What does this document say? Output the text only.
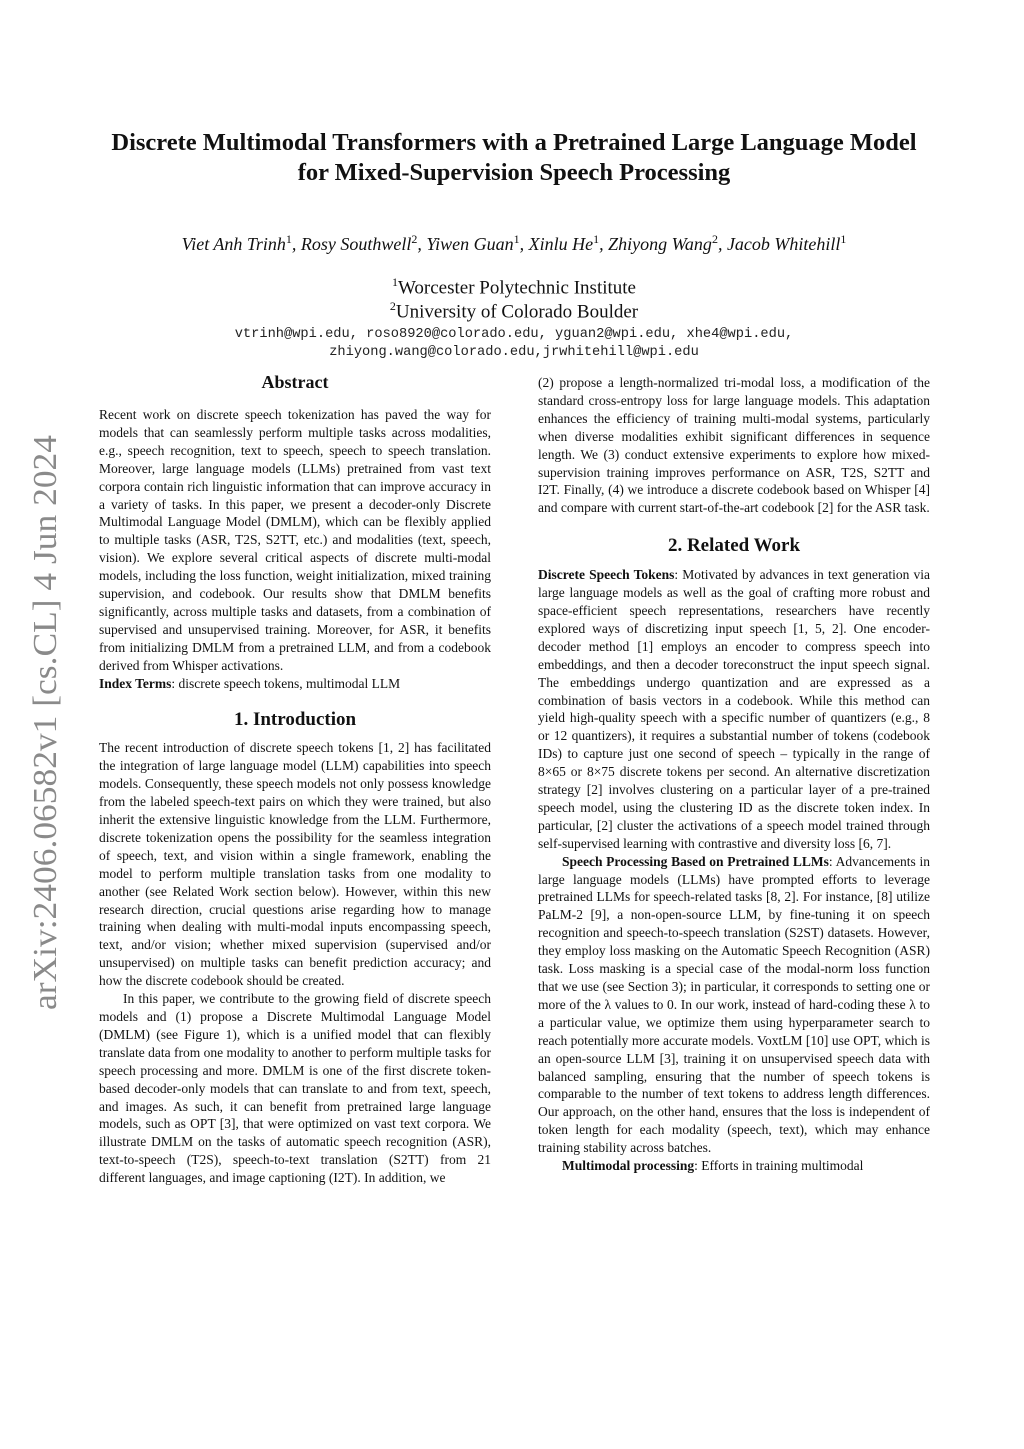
arXiv:2406.06582v1 [cs.CL] 4 Jun 2024
Discrete Multimodal Transformers with a Pretrained Large Language Model
for Mixed-Supervision Speech Processing
Viet Anh Trinh$^1$, Rosy Southwell$^2$, Yiwen Guan$^1$, Xinlu He$^1$, Zhiyong Wang$^2$, Jacob Whitehill$^1$
$^1$Worcester Polytechnic Institute
$^2$University of Colorado Boulder
vtrinh@wpi.edu, roso8920@colorado.edu, yguan2@wpi.edu, xhe4@wpi.edu,
zhiyong.wang@colorado.edu,jrwhitehill@wpi.edu
Abstract

Recent work on discrete speech tokenization has paved the way for models that can seamlessly perform multiple tasks across modalities, e.g., speech recognition, text to speech, speech to speech translation. Moreover, large language models (LLMs) pretrained from vast text corpora contain rich linguistic information that can improve accuracy in a variety of tasks. In this paper, we present a decoder-only Discrete Multimodal Language Model (DMLM), which can be flexibly applied to multiple tasks (ASR, T2S, S2TT, etc.) and modalities (text, speech, vision). We explore several critical aspects of discrete multi-modal models, including the loss function, weight initialization, mixed training supervision, and codebook. Our results show that DMLM benefits significantly, across multiple tasks and datasets, from a combination of supervised and unsupervised training. Moreover, for ASR, it benefits from initializing DMLM from a pretrained LLM, and from a codebook derived from Whisper activations.

Index Terms: discrete speech tokens, multimodal LLM

1. Introduction

The recent introduction of discrete speech tokens [1, 2] has facilitated the integration of large language model (LLM) capabilities into speech models. Consequently, these speech models not only possess knowledge from the labeled speech-text pairs on which they were trained, but also inherit the extensive linguistic knowledge from the LLM. Furthermore, discrete tokenization opens the possibility for the seamless integration of speech, text, and vision within a single framework, enabling the model to perform multiple translation tasks from one modality to another (see Related Work section below). However, within this new research direction, crucial questions arise regarding how to manage training when dealing with multi-modal inputs encompassing speech, text, and/or vision; whether mixed supervision (supervised and/or unsupervised) on multiple tasks can benefit prediction accuracy; and how the discrete codebook should be created.

In this paper, we contribute to the growing field of discrete speech models and (1) propose a Discrete Multimodal Language Model (DMLM) (see Figure 1), which is a unified model that can flexibly translate data from one modality to another to perform multiple tasks for speech processing and more. DMLM is one of the first discrete token-based decoder-only models that can translate to and from text, speech, and images. As such, it can benefit from pretrained large language models, such as OPT [3], that were optimized on vast text corpora. We illustrate DMLM on the tasks of automatic speech recognition (ASR), text-to-speech (T2S), speech-to-text translation (S2TT) from 21 different languages, and image captioning (I2T). In addition, we

(2) propose a length-normalized tri-modal loss, a modification of the standard cross-entropy loss for large language models. This adaptation enhances the efficiency of training multi-modal systems, particularly when diverse modalities exhibit significant differences in sequence length. We (3) conduct extensive experiments to explore how mixed-supervision training improves performance on ASR, T2S, S2TT and I2T. Finally, (4) we introduce a discrete codebook based on Whisper [4] and compare with current start-of-the-art codebook [2] for the ASR task.

2. Related Work

Discrete Speech Tokens: Motivated by advances in text generation via large language models as well as the goal of crafting more robust and space-efficient speech representations, researchers have recently explored ways of discretizing input speech [1, 5, 2]. One encoder-decoder method [1] employs an encoder to compress speech into embeddings, and then a decoder toreconstruct the input speech signal. The embeddings undergo quantization and are expressed as a combination of basis vectors in a codebook. While this method can yield high-quality speech with a specific number of quantizers (e.g., 8 or 12 quantizers), it requires a substantial number of tokens (codebook IDs) to capture just one second of speech – typically in the range of 8×65 or 8×75 discrete tokens per second. An alternative discretization strategy [2] involves clustering on a particular layer of a pre-trained speech model, using the clustering ID as the discrete token index. In particular, [2] cluster the activations of a speech model trained through self-supervised learning with contrastive and diversity loss [6, 7].

Speech Processing Based on Pretrained LLMs: Advancements in large language models (LLMs) have prompted efforts to leverage pretrained LLMs for speech-related tasks [8, 2]. For instance, [8] utilize PaLM-2 [9], a non-open-source LLM, by fine-tuning it on speech recognition and speech-to-speech translation (S2ST) datasets. However, they employ loss masking on the Automatic Speech Recognition (ASR) task. Loss masking is a special case of the modal-norm loss function that we use (see Section 3); in particular, it corresponds to setting one or more of the λ values to 0. In our work, instead of hard-coding these λ to a particular value, we optimize them using hyperparameter search to reach potentially more accurate models. VoxtLM [10] use OPT, which is an open-source LLM [3], training it on unsupervised speech data with balanced sampling, ensuring that the number of speech tokens is comparable to the number of text tokens to address length differences. Our approach, on the other hand, ensures that the loss is independent of token length for each modality (speech, text), which may enhance training stability across batches.

Multimodal processing: Efforts in training multimodal
